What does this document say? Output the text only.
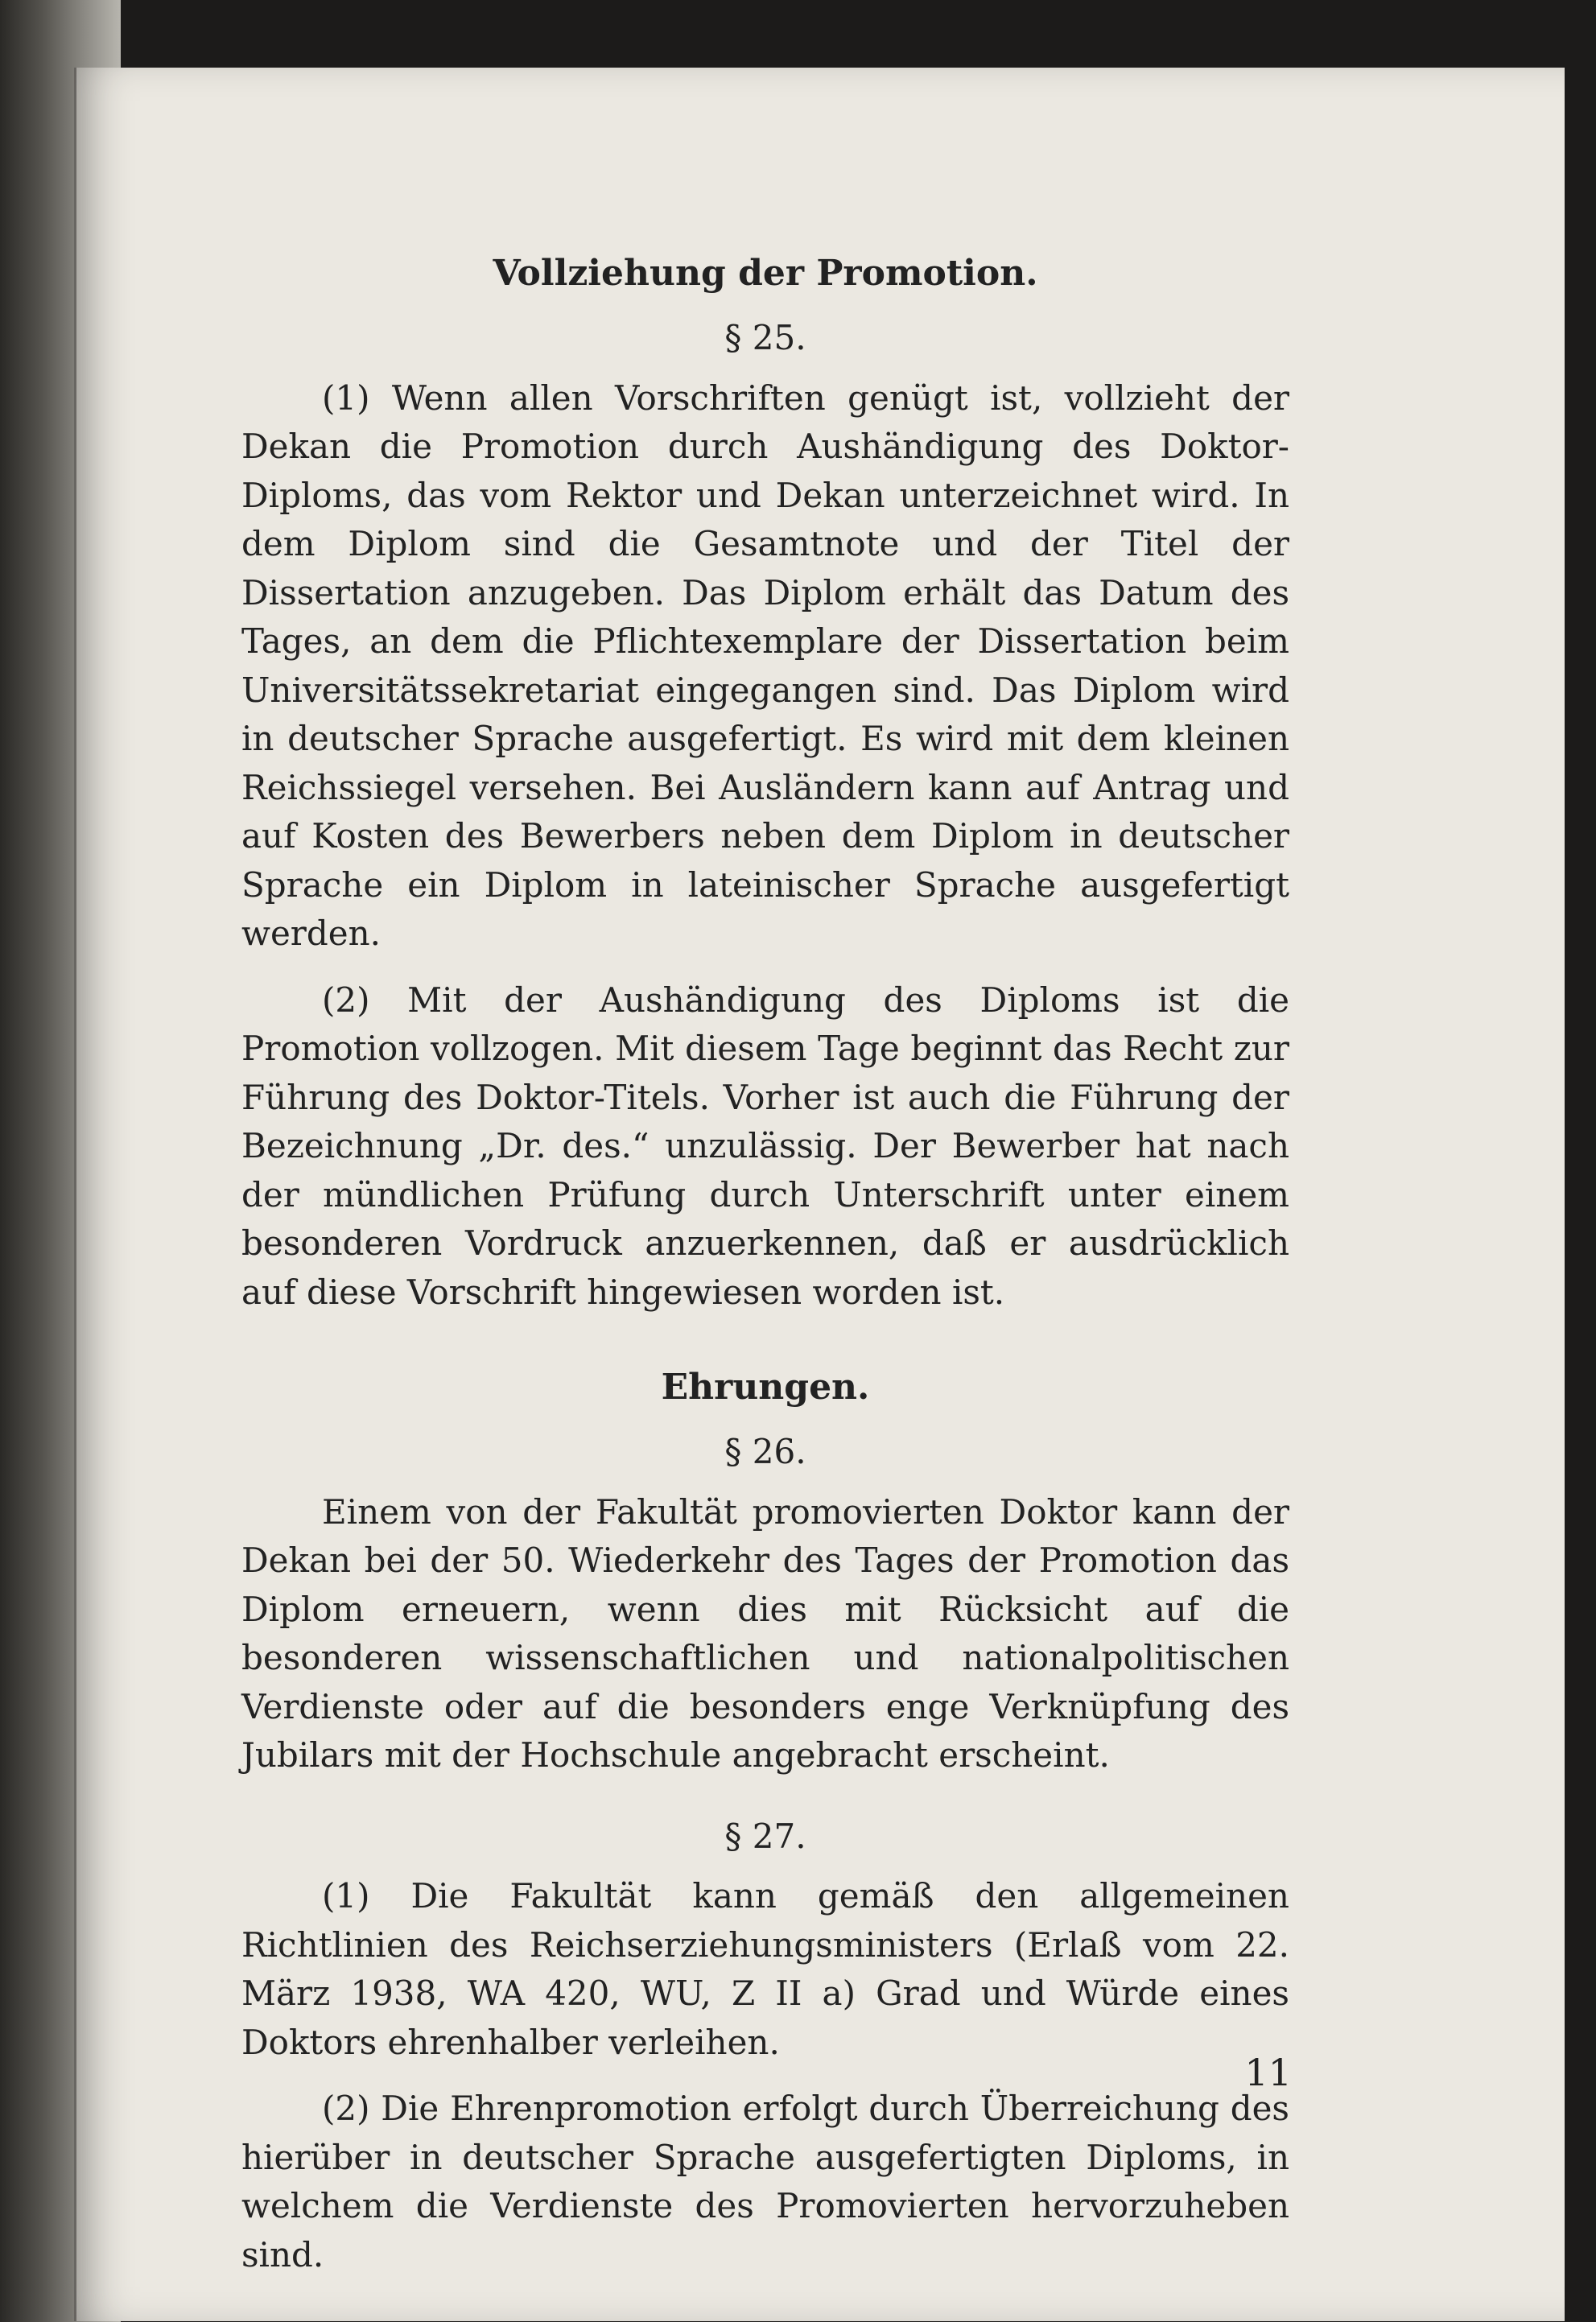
Vollziehung der Promotion.
§ 25.

(1) Wenn allen Vorschriften genügt ist, vollzieht der Dekan die Promotion durch Aushändigung des Doktor-Diploms, das vom Rektor und Dekan unterzeichnet wird. In dem Diplom sind die Gesamtnote und der Titel der Dissertation anzugeben. Das Diplom erhält das Datum des Tages, an dem die Pflichtexemplare der Dissertation beim Universitätssekretariat eingegangen sind. Das Diplom wird in deutscher Sprache ausgefertigt. Es wird mit dem kleinen Reichssiegel versehen. Bei Ausländern kann auf Antrag und auf Kosten des Bewerbers neben dem Diplom in deutscher Sprache ein Diplom in lateinischer Sprache ausgefertigt werden.

(2) Mit der Aushändigung des Diploms ist die Promotion vollzogen. Mit diesem Tage beginnt das Recht zur Führung des Doktor-Titels. Vorher ist auch die Führung der Bezeichnung „Dr. des.“ unzulässig. Der Bewerber hat nach der mündlichen Prüfung durch Unterschrift unter einem besonderen Vordruck anzuerkennen, daß er ausdrücklich auf diese Vorschrift hingewiesen worden ist.

Ehrungen.
§ 26.

Einem von der Fakultät promovierten Doktor kann der Dekan bei der 50. Wiederkehr des Tages der Promotion das Diplom erneuern, wenn dies mit Rücksicht auf die besonderen wissenschaftlichen und nationalpolitischen Verdienste oder auf die besonders enge Verknüpfung des Jubilars mit der Hochschule angebracht erscheint.

§ 27.

(1) Die Fakultät kann gemäß den allgemeinen Richtlinien des Reichserziehungsministers (Erlaß vom 22. März 1938, WA 420, WU, Z II a) Grad und Würde eines Doktors ehrenhalber verleihen.

(2) Die Ehrenpromotion erfolgt durch Überreichung des hierüber in deutscher Sprache ausgefertigten Diploms, in welchem die Verdienste des Promovierten hervorzuheben sind.

11
